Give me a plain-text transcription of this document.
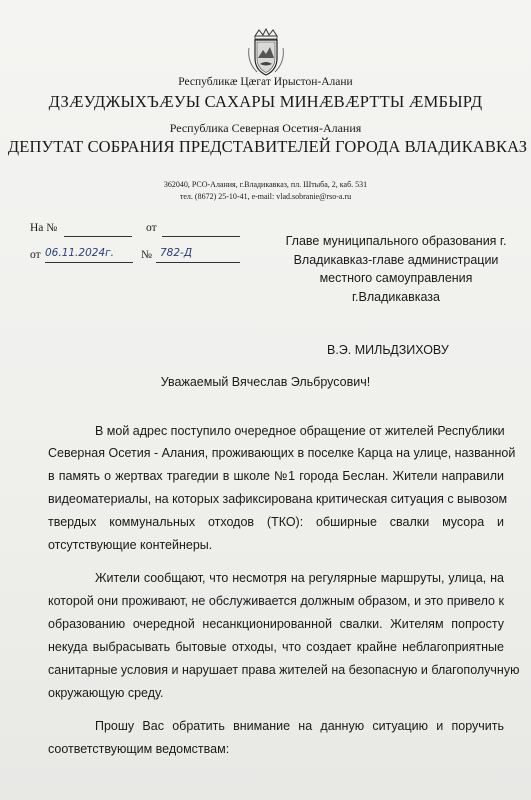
Республикæ Цæгат Ирыстон-Алани
ДЗÆУДЖЫХЪÆУЫ САХАРЫ МИНÆВÆРТТЫ ÆМБЫРД
Республика Северная Осетия-Алания
ДЕПУТАТ СОБРАНИЯ ПРЕДСТАВИТЕЛЕЙ ГОРОДА ВЛАДИКАВКАЗ
362040, РСО-Алания, г.Владикавказ, пл. Штыба, 2, каб. 531
тел. (8672) 25-10-41, e-mail: vlad.sobranie@rso-a.ru
На №	от
от 06.11.2024г. № 782-Д
Главе муниципального образования г.
Владикавказ-главе администрации
местного самоуправления
г.Владикавказа
В.Э. МИЛЬДЗИХОВУ
Уважаемый Вячеслав Эльбрусович!
В мой адрес поступило очередное обращение от жителей Республики
Северная Осетия - Алания, проживающих в поселке Карца на улице, названной
в память о жертвах трагедии в школе №1 города Беслан. Жители направили
видеоматериалы, на которых зафиксирована критическая ситуация с вывозом
твердых коммунальных отходов (ТКО): обширные свалки мусора и
отсутствующие контейнеры.
Жители сообщают, что несмотря на регулярные маршруты, улица, на
которой они проживают, не обслуживается должным образом, и это привело к
образованию очередной несанкционированной свалки. Жителям попросту
некуда выбрасывать бытовые отходы, что создает крайне неблагоприятные
санитарные условия и нарушает права жителей на безопасную и благополучную
окружающую среду.
Прошу Вас обратить внимание на данную ситуацию и поручить
соответствующим ведомствам:
